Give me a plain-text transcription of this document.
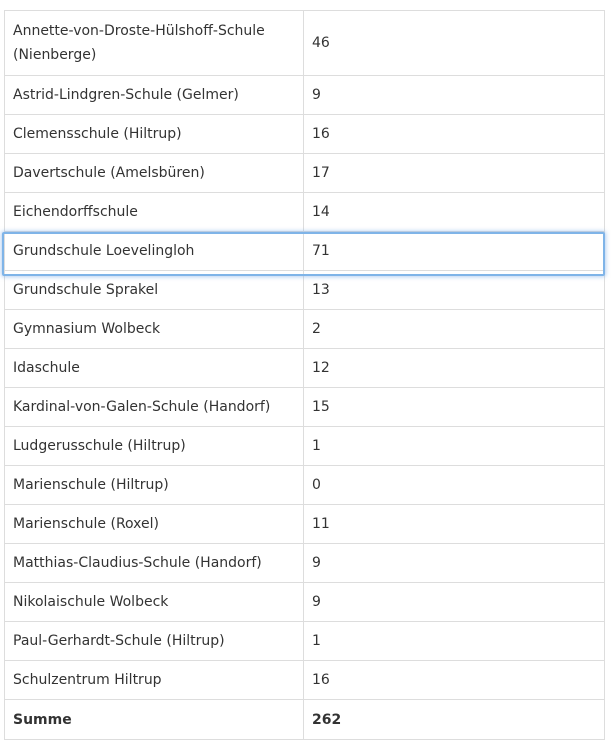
Annette-von-Droste-Hülshoff-Schule (Nienberge)	46
Astrid-Lindgren-Schule (Gelmer)	9
Clemensschule (Hiltrup)	16
Davertschule (Amelsbüren)	17
Eichendorffschule	14
Grundschule Loevelingloh	71
Grundschule Sprakel	13
Gymnasium Wolbeck	2
Idaschule	12
Kardinal-von-Galen-Schule (Handorf)	15
Ludgerusschule (Hiltrup)	1
Marienschule (Hiltrup)	0
Marienschule (Roxel)	11
Matthias-Claudius-Schule (Handorf)	9
Nikolaischule Wolbeck	9
Paul-Gerhardt-Schule (Hiltrup)	1
Schulzentrum Hiltrup	16
Summe	262
